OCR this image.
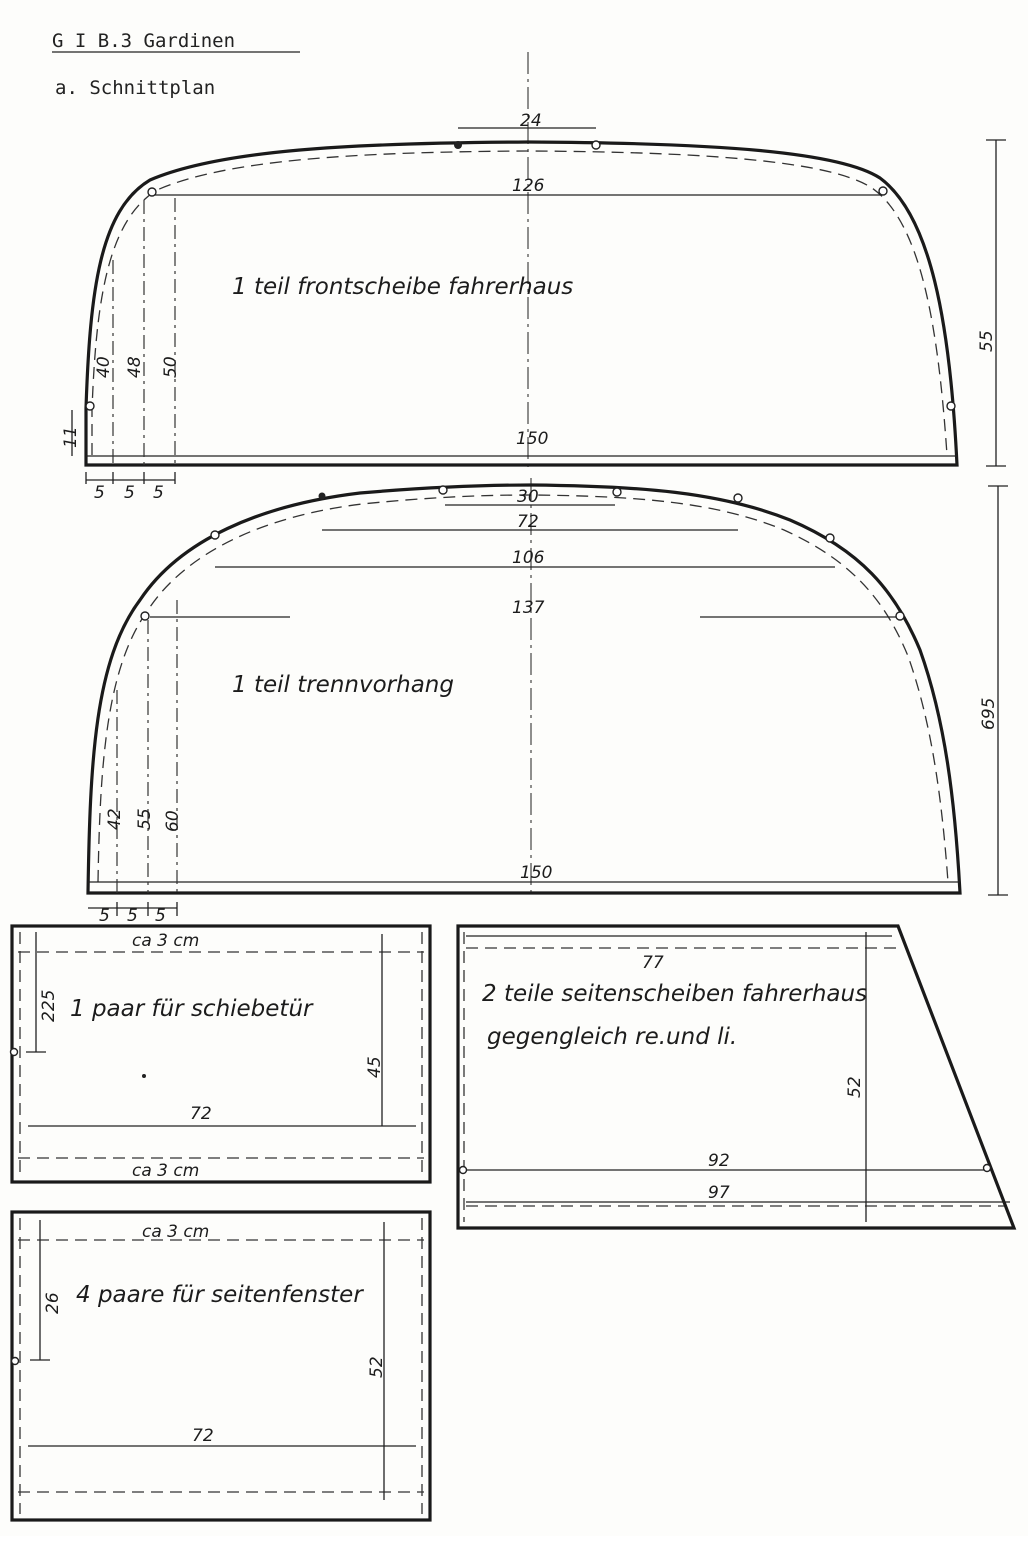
G I B.3 Gardinen
a. Schnittplan
24
126
150
55
40 48 50
11
5 5 5
1 teil frontscheibe fahrerhaus
30
72
106
137
150
695
42 55 60
5 5 5
1 teil trennvorhang
ca 3 cm
225
45
72
ca 3 cm
1 paar für schiebetür
77
52
92
97
2 teile seitenscheiben fahrerhaus
gegengleich re.und li.
ca 3 cm
26
52
72
4 paare für seitenfenster
